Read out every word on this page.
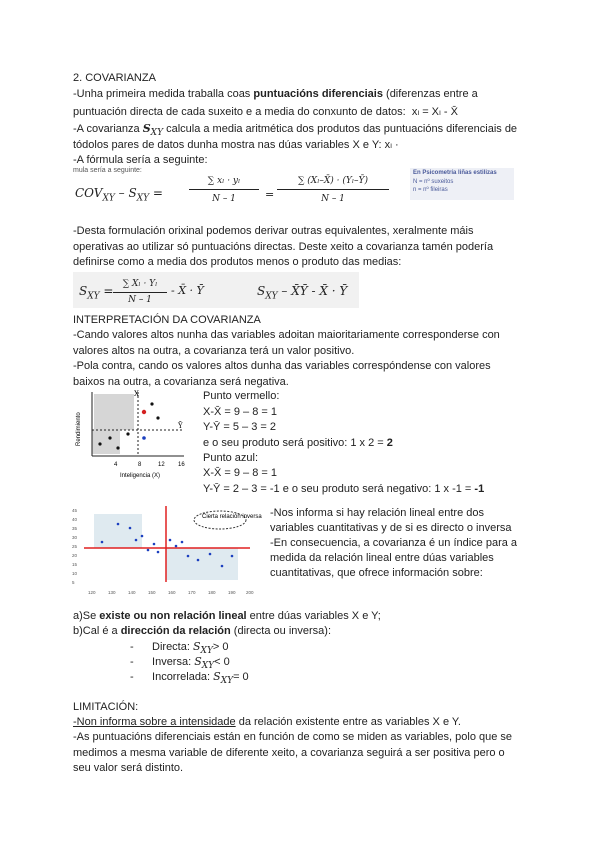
2. COVARIANZA
-Unha primeira medida traballa coas puntuacións diferenciais (diferenzas entre a
puntuación directa de cada suxeito e a media do conxunto de datos: xₗ = Xₗ - X̄
-A covarianza $S_{XY}$ calcula a media aritmética dos produtos das puntuacións diferenciais de
tódolos pares de datos dunha mostra nas dúas variables X e Y: xₗ ·
-A fórmula sería a seguinte:
mula sería a seguinte:
$COV_{XY} - S_{XY}$ =
∑ xₗ · yₗ
N – 1	=
∑ (Xₗ–X̄) · (Yₗ–Ȳ)
N – 1
En Psicometría liñas estilizas
N = nº suxeitos
n = nº fileiras
-Desta formulación orixinal podemos derivar outras equivalentes, xeralmente máis
operativas ao utilizar só puntuacións directas. Deste xeito a covarianza tamén podería
definirse como a media dos produtos menos o produto das medias:
$S_{XY}$ =	∑ Xₗ · Yₗ
N – 1
- X̄ · Ȳ	$S_{XY}$ – X̄Ȳ - X̄ · Ȳ
INTERPRETACIÓN DA COVARIANZA
-Cando valores altos nunha das variables adoitan maioritariamente corresponderse con
valores altos na outra, a covarianza terá un valor positivo.
-Pola contra, cando os valores altos dunha das variables correspóndense con valores
baixos na outra, a covarianza será negativa.
X̄
Ȳ
4	8	12 16
Inteligencia (X)
Rendimiento
Punto vermello:
X-X̄ = 9 – 8 = 1
Y-Ȳ = 5 – 3 = 2
e o seu produto será positivo: 1 x 2 = 2
Punto azul:
X-X̄ = 9 – 8 = 1
Y-Ȳ = 2 – 3 = -1 e o seu produto será negativo: 1 x -1 = -1
Cierta relación inversa
45
40
35
30
25
20
15
10
5
120	130	140	150	160	170	180	190 200
-Nos informa si hay relación lineal entre dos
variables cuantitativas y de si es directo o inversa
-En consecuencia, a covarianza é un índice para a
medida da relación lineal entre dúas variables
cuantitativas, que ofrece información sobre:
a)Se existe ou non relación lineal entre dúas variables X e Y;
b)Cal é a dirección da relación (directa ou inversa):
- Directa: $S_{XY}> 0$
- Inversa: $S_{XY}< 0$
- Incorrelada: $S_{XY}= 0$
LIMITACIÓN:
-Non informa sobre a intensidade da relación existente entre as variables X e Y.
-As puntuacións diferenciais están en función de como se miden as variables, polo que se
medimos a mesma variable de diferente xeito, a covarianza seguirá a ser positiva pero o
seu valor será distinto.
